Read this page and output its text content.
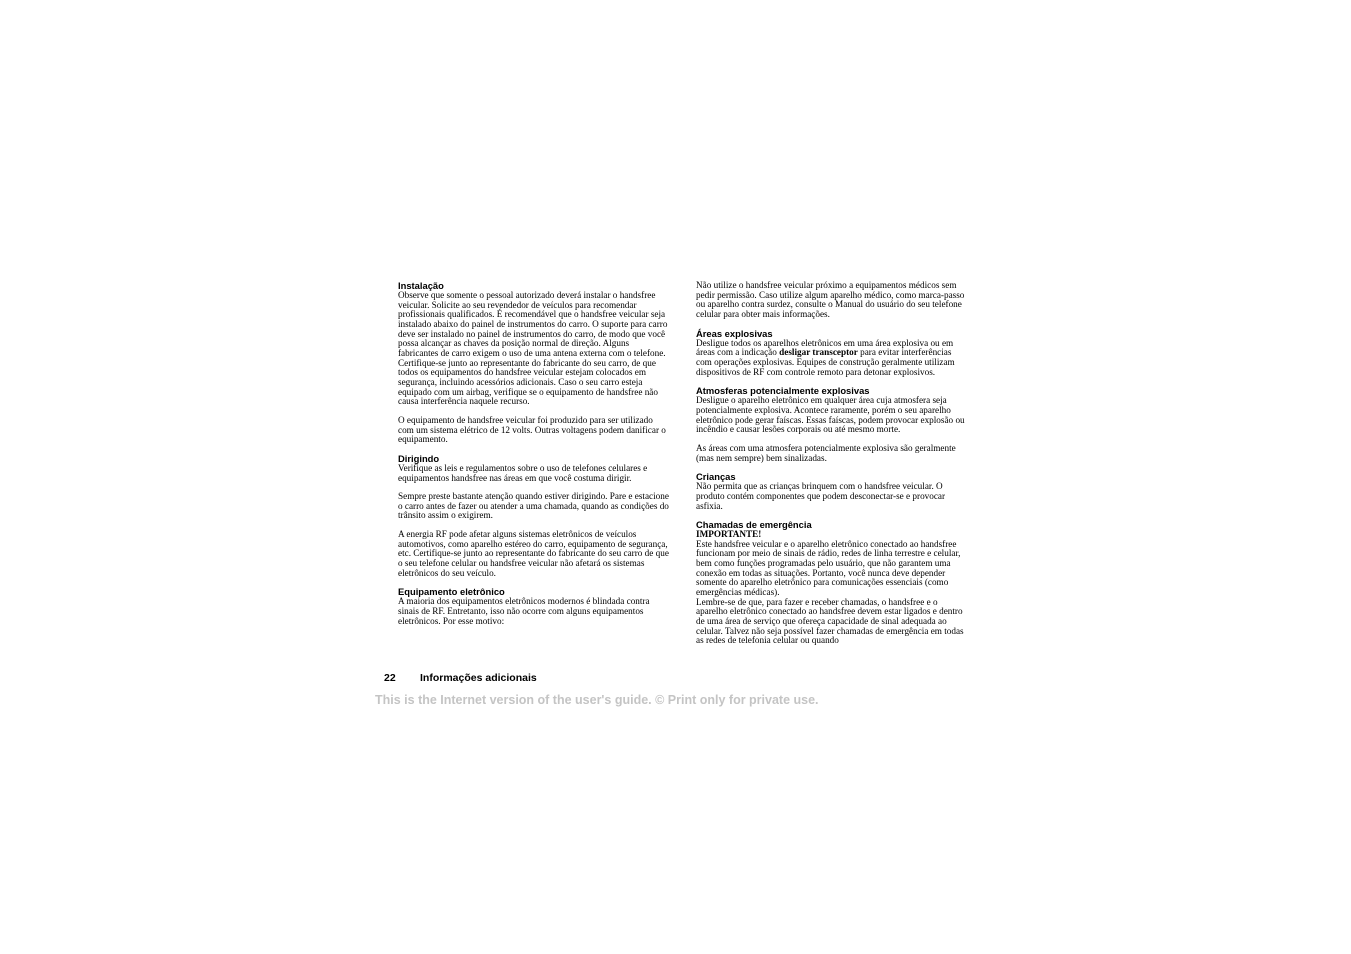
Instalação

Observe que somente o pessoal autorizado deverá instalar o handsfree veicular. Solicite ao seu revendedor de veículos para recomendar profissionais qualificados. É recomendável que o handsfree veicular seja instalado abaixo do painel de instrumentos do carro. O suporte para carro deve ser instalado no painel de instrumentos do carro, de modo que você possa alcançar as chaves da posição normal de direção. Alguns fabricantes de carro exigem o uso de uma antena externa com o telefone. Certifique-se junto ao representante do fabricante do seu carro, de que todos os equipamentos do handsfree veicular estejam colocados em segurança, incluindo acessórios adicionais. Caso o seu carro esteja equipado com um airbag, verifique se o equipamento de handsfree não causa interferência naquele recurso.

O equipamento de handsfree veicular foi produzido para ser utilizado com um sistema elétrico de 12 volts. Outras voltagens podem danificar o equipamento.

Dirigindo

Verifique as leis e regulamentos sobre o uso de telefones celulares e equipamentos handsfree nas áreas em que você costuma dirigir.

Sempre preste bastante atenção quando estiver dirigindo. Pare e estacione o carro antes de fazer ou atender a uma chamada, quando as condições do trânsito assim o exigirem.

A energia RF pode afetar alguns sistemas eletrônicos de veículos automotivos, como aparelho estéreo do carro, equipamento de segurança, etc. Certifique-se junto ao representante do fabricante do seu carro de que o seu telefone celular ou handsfree veicular não afetará os sistemas eletrônicos do seu veículo.

Equipamento eletrônico

A maioria dos equipamentos eletrônicos modernos é blindada contra sinais de RF. Entretanto, isso não ocorre com alguns equipamentos eletrônicos. Por esse motivo:

Não utilize o handsfree veicular próximo a equipamentos médicos sem pedir permissão. Caso utilize algum aparelho médico, como marca-passo ou aparelho contra surdez, consulte o Manual do usuário do seu telefone celular para obter mais informações.

Áreas explosivas

Desligue todos os aparelhos eletrônicos em uma área explosiva ou em áreas com a indicação desligar transceptor para evitar interferências com operações explosivas. Equipes de construção geralmente utilizam dispositivos de RF com controle remoto para detonar explosivos.

Atmosferas potencialmente explosivas

Desligue o aparelho eletrônico em qualquer área cuja atmosfera seja potencialmente explosiva. Acontece raramente, porém o seu aparelho eletrônico pode gerar faíscas. Essas faíscas, podem provocar explosão ou incêndio e causar lesões corporais ou até mesmo morte.

As áreas com uma atmosfera potencialmente explosiva são geralmente (mas nem sempre) bem sinalizadas.

Crianças

Não permita que as crianças brinquem com o handsfree veicular. O produto contém componentes que podem desconectar-se e provocar asfixia.

Chamadas de emergência

IMPORTANTE!

Este handsfree veicular e o aparelho eletrônico conectado ao handsfree funcionam por meio de sinais de rádio, redes de linha terrestre e celular, bem como funções programadas pelo usuário, que não garantem uma conexão em todas as situações. Portanto, você nunca deve depender somente do aparelho eletrônico para comunicações essenciais (como emergências médicas).

Lembre-se de que, para fazer e receber chamadas, o handsfree e o aparelho eletrônico conectado ao handsfree devem estar ligados e dentro de uma área de serviço que ofereça capacidade de sinal adequada ao celular. Talvez não seja possível fazer chamadas de emergência em todas as redes de telefonia celular ou quando

22 Informações adicionais
This is the Internet version of the user's guide. © Print only for private use.
